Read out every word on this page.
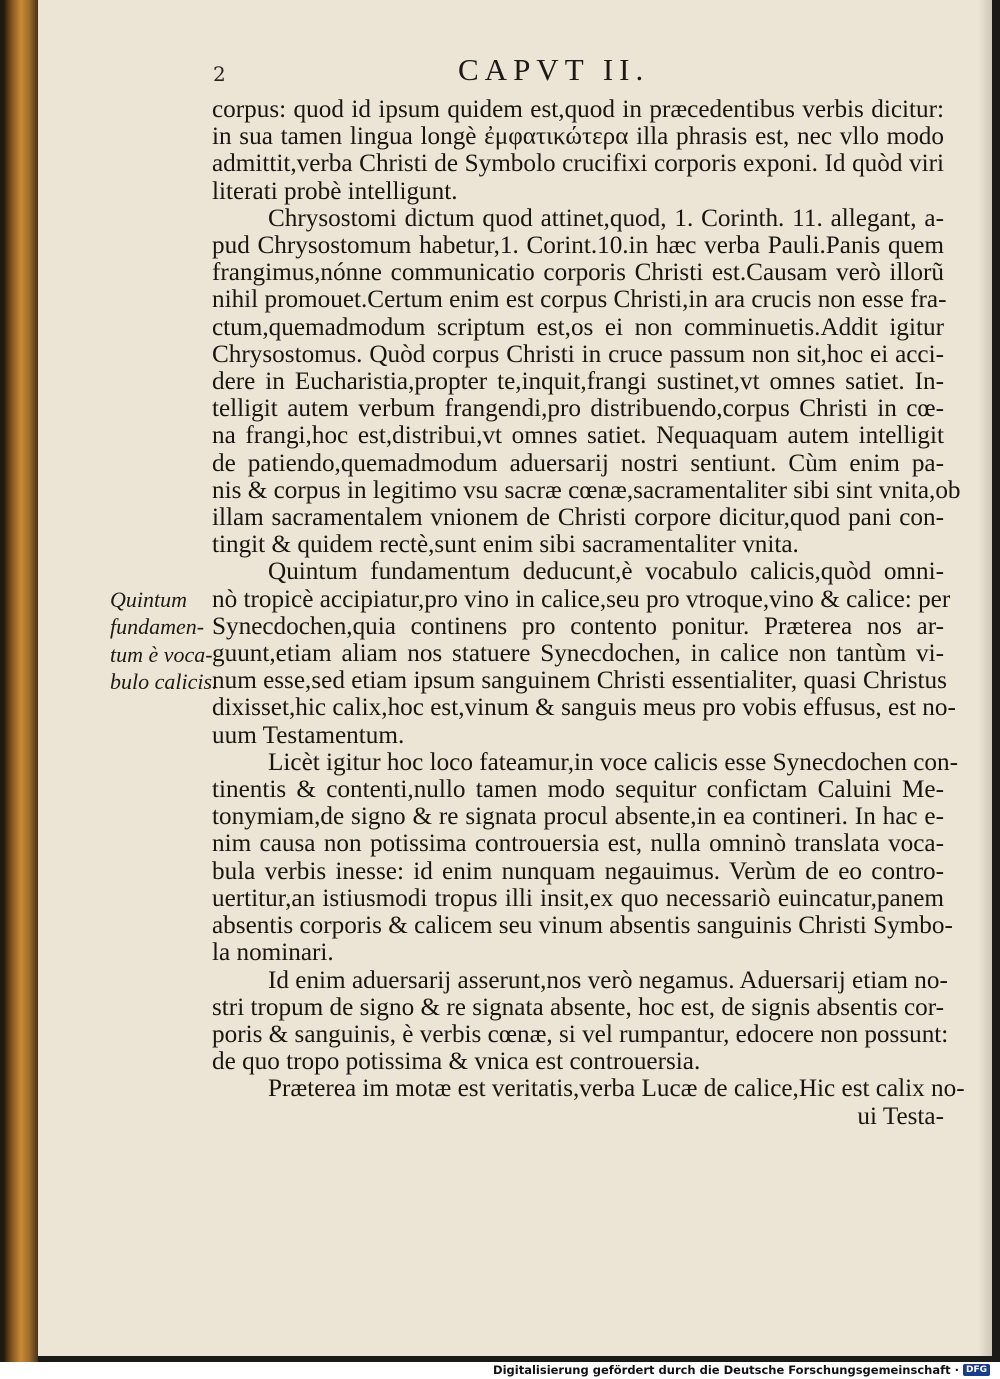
2	CAPVT II.
Quintum
fundamen-
tum è voca-
bulo calicis.
corpus: quod id ipsum quidem est,quod in præcedentibus verbis dicitur:
in sua tamen lingua longè ἐμφατικώτερα illa phrasis est, nec vllo modo
admittit,verba Christi de Symbolo crucifixi corporis exponi. Id quòd viri
literati probè intelligunt.
Chrysostomi dictum quod attinet,quod, 1. Corinth. 11. allegant, a-
pud Chrysostomum habetur,1. Corint.10.in hæc verba Pauli.Panis quem
frangimus,nónne communicatio corporis Christi est.Causam verò illorũ
nihil promouet.Certum enim est corpus Christi,in ara crucis non esse fra-
ctum,quemadmodum scriptum est,os ei non comminuetis.Addit igitur
Chrysostomus. Quòd corpus Christi in cruce passum non sit,hoc ei acci-
dere in Eucharistia,propter te,inquit,frangi sustinet,vt omnes satiet. In-
telligit autem verbum frangendi,pro distribuendo,corpus Christi in cœ-
na frangi,hoc est,distribui,vt omnes satiet. Nequaquam autem intelligit
de patiendo,quemadmodum aduersarij nostri sentiunt. Cùm enim pa-
nis & corpus in legitimo vsu sacræ cœnæ,sacramentaliter sibi sint vnita,ob
illam sacramentalem vnionem de Christi corpore dicitur,quod pani con-
tingit & quidem rectè,sunt enim sibi sacramentaliter vnita.
Quintum fundamentum deducunt,è vocabulo calicis,quòd omni-
nò tropicè accipiatur,pro vino in calice,seu pro vtroque,vino & calice: per
Synecdochen,quia continens pro contento ponitur. Præterea nos ar-
guunt,etiam aliam nos statuere Synecdochen, in calice non tantùm vi-
num esse,sed etiam ipsum sanguinem Christi essentialiter, quasi Christus
dixisset,hic calix,hoc est,vinum & sanguis meus pro vobis effusus, est no-
uum Testamentum.
Licèt igitur hoc loco fateamur,in voce calicis esse Synecdochen con-
tinentis & contenti,nullo tamen modo sequitur confictam Caluini Me-
tonymiam,de signo & re signata procul absente,in ea contineri. In hac e-
nim causa non potissima controuersia est, nulla omninò translata voca-
bula verbis inesse: id enim nunquam negauimus. Verùm de eo contro-
uertitur,an istiusmodi tropus illi insit,ex quo necessariò euincatur,panem
absentis corporis & calicem seu vinum absentis sanguinis Christi Symbo-
la nominari.
Id enim aduersarij asserunt,nos verò negamus. Aduersarij etiam no-
stri tropum de signo & re signata absente, hoc est, de signis absentis cor-
poris & sanguinis, è verbis cœnæ, si vel rumpantur, edocere non possunt:
de quo tropo potissima & vnica est controuersia.
Præterea im motæ est veritatis,verba Lucæ de calice,Hic est calix no-
ui Testa-
Digitalisierung gefördert durch die Deutsche Forschungsgemeinschaft · DFG
